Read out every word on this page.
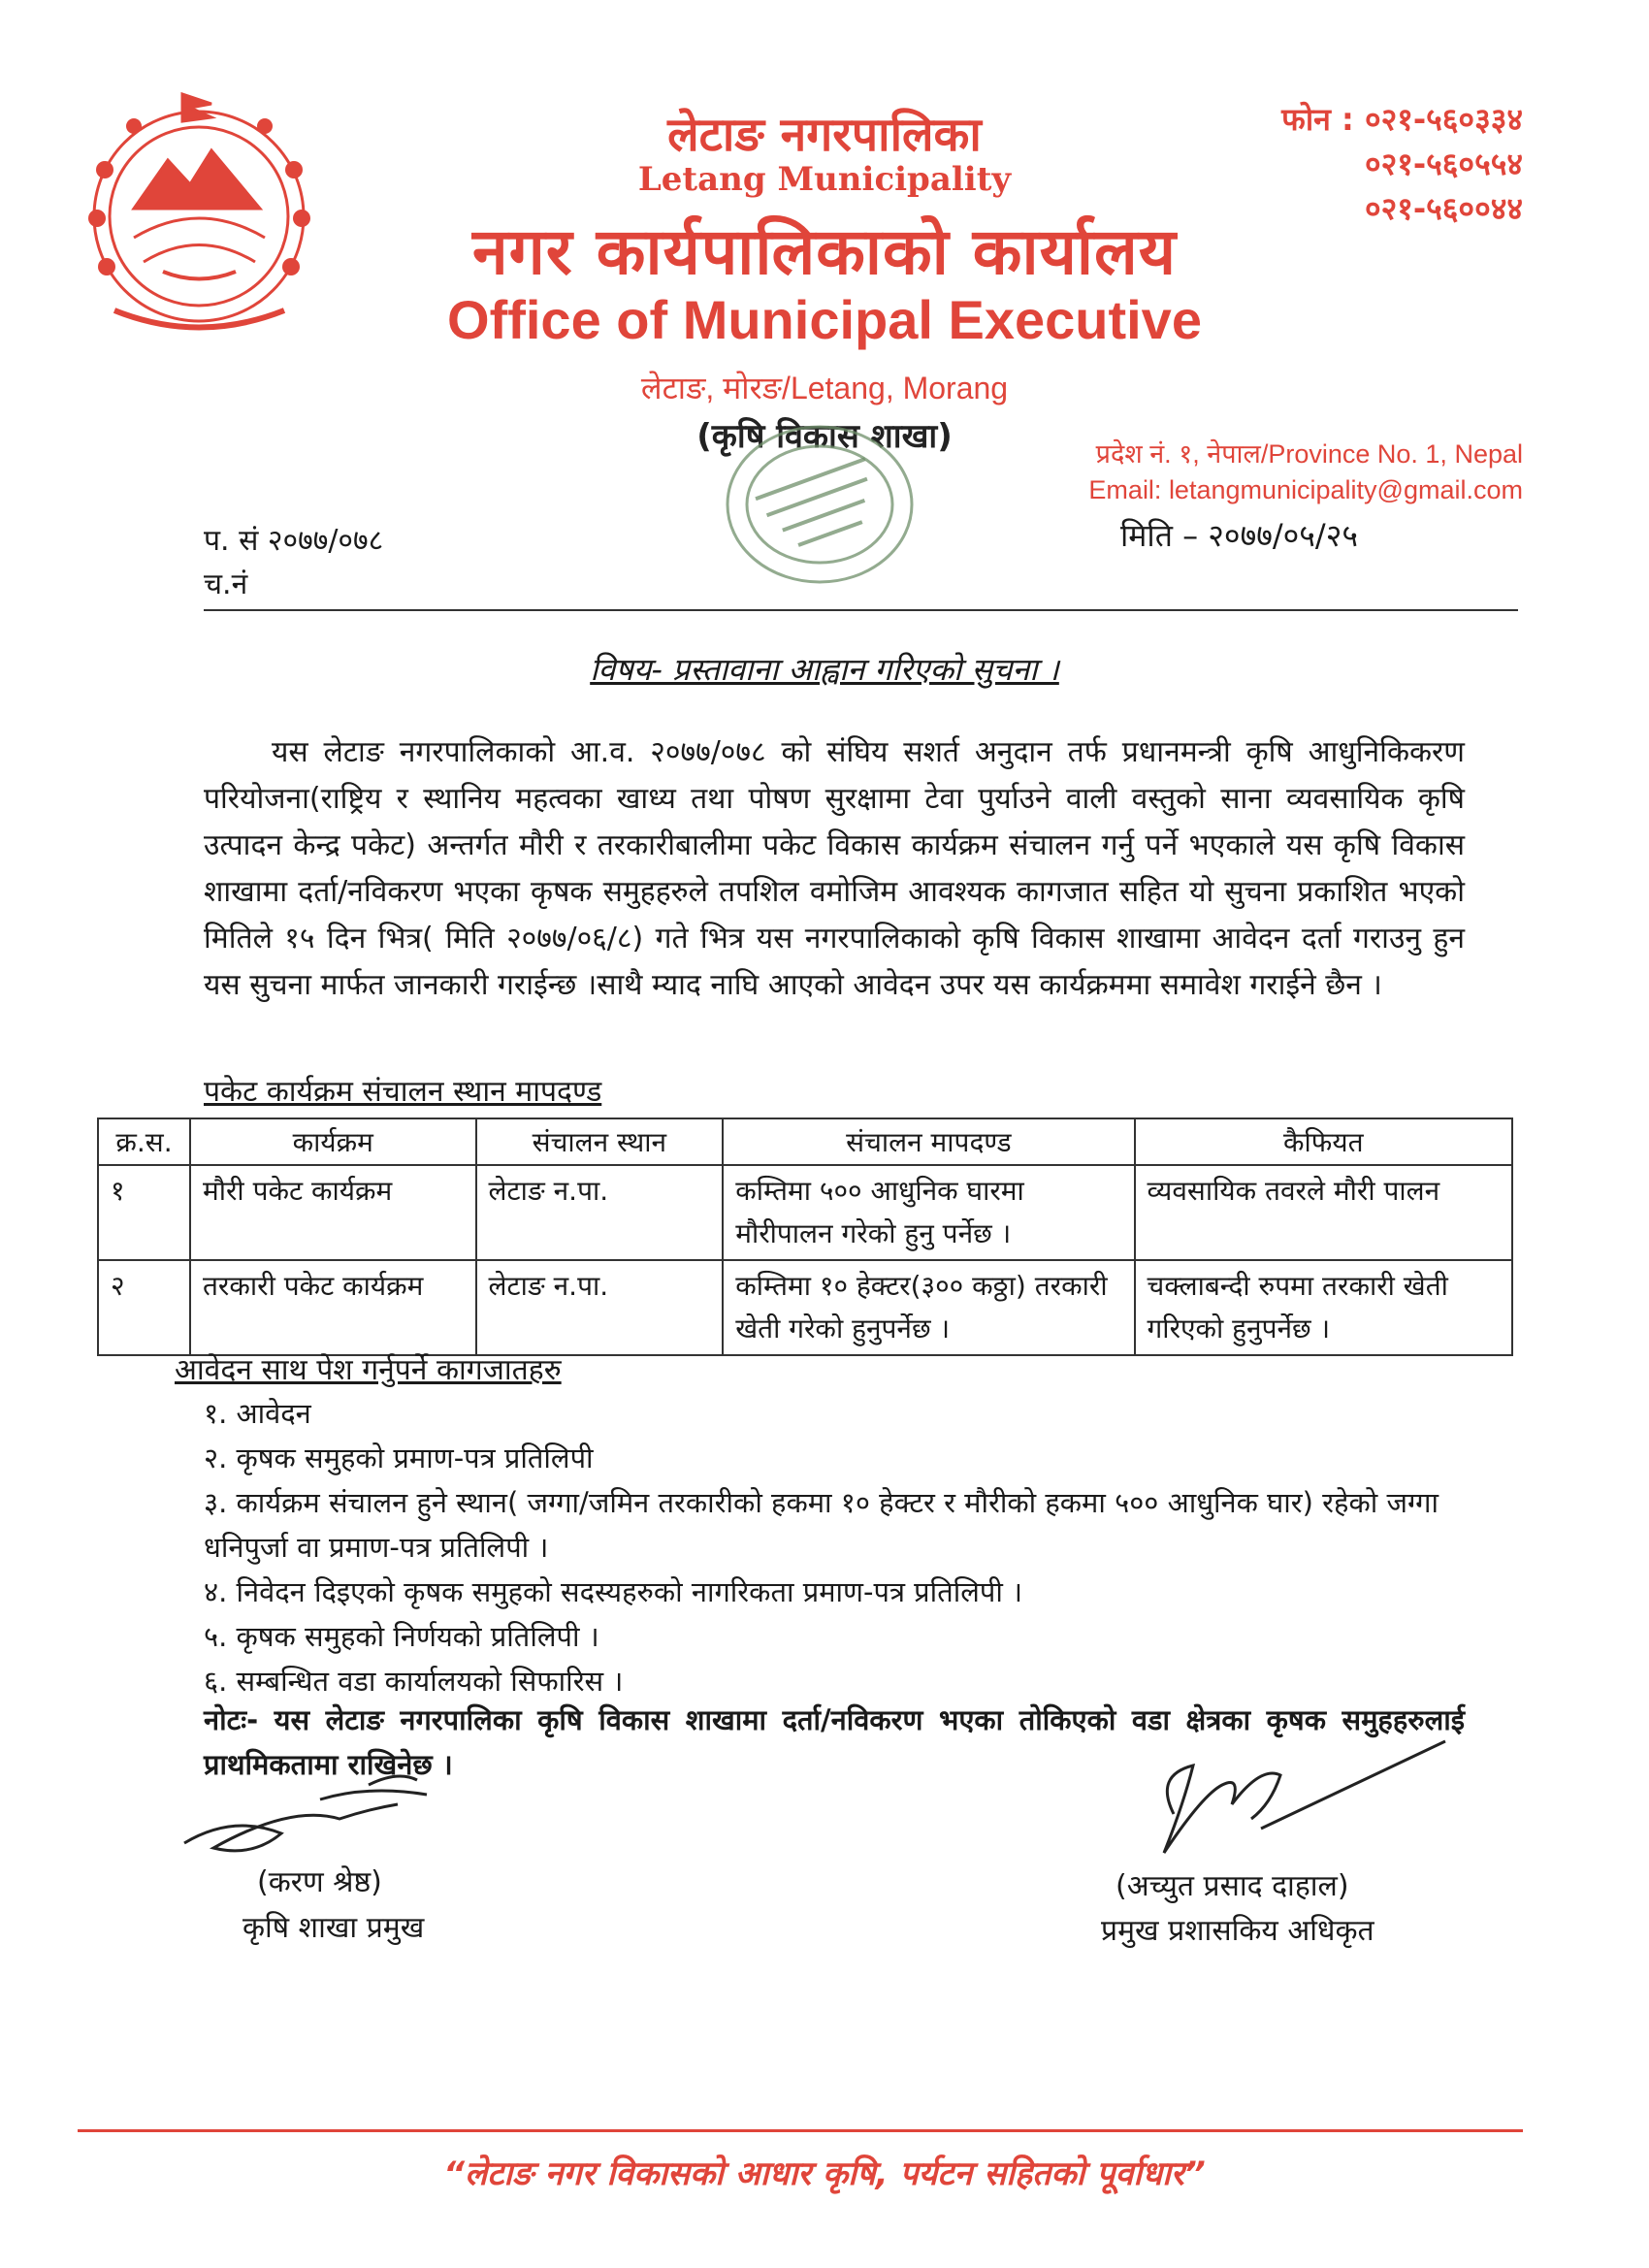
लेटाङ नगरपालिका
Letang Municipality
नगर कार्यपालिकाको कार्यालय
Office of Municipal Executive
लेटाङ, मोरङ/Letang, Morang
(कृषि विकास शाखा)
फोन : ०२१-५६०३३४
०२१-५६०५५४
०२१-५६००४४
प्रदेश नं. १, नेपाल/Province No. 1, Nepal
Email: letangmunicipality@gmail.com
प. सं २०७७/०७८
च.नं
मिति – २०७७/०५/२५
विषय- प्रस्तावाना आह्वान गरिएको सुचना ।
यस लेटाङ नगरपालिकाको आ.व. २०७७/०७८ को संघिय सशर्त अनुदान तर्फ प्रधानमन्त्री कृषि आधुनिकिकरण परियोजना(राष्ट्रिय र स्थानिय महत्वका खाध्य तथा पोषण सुरक्षामा टेवा पुर्याउने वाली वस्तुको साना व्यवसायिक कृषि उत्पादन केन्द्र पकेट) अन्तर्गत मौरी र तरकारीबालीमा पकेट विकास कार्यक्रम संचालन गर्नु पर्ने भएकाले यस कृषि विकास शाखामा दर्ता/नविकरण भएका कृषक समुहहरुले तपशिल वमोजिम आवश्यक कागजात सहित यो सुचना प्रकाशित भएको मितिले १५ दिन भित्र( मिति २०७७/०६/८) गते भित्र यस नगरपालिकाको कृषि विकास शाखामा आवेदन दर्ता गराउनु हुन यस सुचना मार्फत जानकारी गराईन्छ ।साथै म्याद नाघि आएको आवेदन उपर यस कार्यक्रममा समावेश गराईने छैन ।
पकेट कार्यक्रम संचालन स्थान मापदण्ड
क्र.स.	कार्यक्रम	संचालन स्थान	संचालन मापदण्ड	कैफियत
१	मौरी पकेट कार्यक्रम	लेटाङ न.पा.	कम्तिमा ५०० आधुनिक घारमा मौरीपालन गरेको हुनु पर्नेछ ।	व्यवसायिक तवरले मौरी पालन
२	तरकारी पकेट कार्यक्रम	लेटाङ न.पा.	कम्तिमा १० हेक्टर(३०० कठ्ठा) तरकारी खेती गरेको हुनुपर्नेछ ।	चक्लाबन्दी रुपमा तरकारी खेती गरिएको हुनुपर्नेछ ।
आवेदन साथ पेश गर्नुपर्ने कागजातहरु
१. आवेदन
२. कृषक समुहको प्रमाण-पत्र प्रतिलिपी
३. कार्यक्रम संचालन हुने स्थान( जग्गा/जमिन तरकारीको हकमा १० हेक्टर र मौरीको हकमा ५०० आधुनिक घार) रहेको जग्गा धनिपुर्जा वा प्रमाण-पत्र प्रतिलिपी ।
४. निवेदन दिइएको कृषक समुहको सदस्यहरुको नागरिकता प्रमाण-पत्र प्रतिलिपी ।
५. कृषक समुहको निर्णयको प्रतिलिपी ।
६. सम्बन्धित वडा कार्यालयको सिफारिस ।
नोटः- यस लेटाङ नगरपालिका कृषि विकास शाखामा दर्ता/नविकरण भएका तोकिएको वडा क्षेत्रका कृषक समुहहरुलाई प्राथमिकतामा राखिनेछ ।
(करण श्रेष्ठ)
कृषि शाखा प्रमुख
(अच्युत प्रसाद दाहाल)
प्रमुख प्रशासकिय अधिकृत
“लेटाङ नगर विकासको आधार कृषि, पर्यटन सहितको पूर्वाधार”
